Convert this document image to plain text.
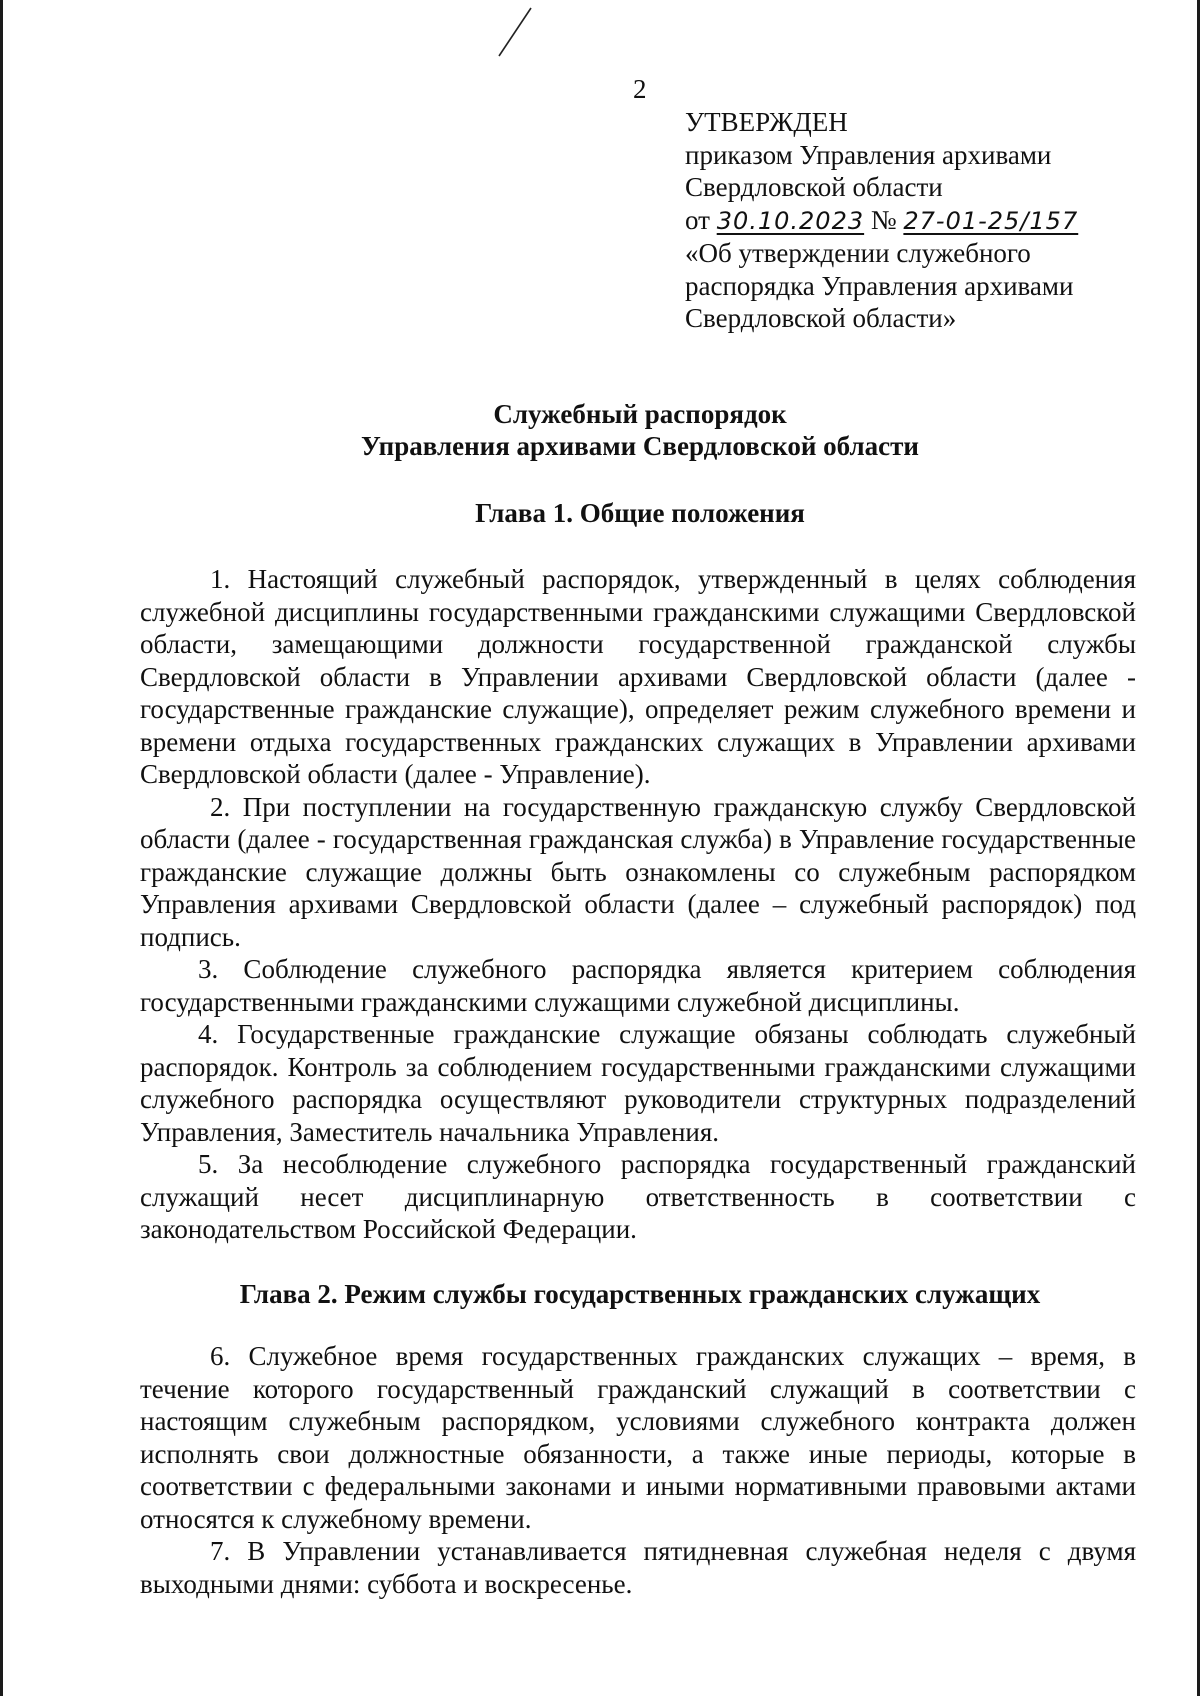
2
УТВЕРЖДЕН
приказом Управления архивами
Свердловской области
от 30.10.2023 № 27-01-25/157
«Об утверждении служебного
распорядка Управления архивами
Свердловской области»
Служебный распорядок
Управления архивами Свердловской области
Глава 1. Общие положения

1. Настоящий служебный распорядок, утвержденный в целях соблюдения служебной дисциплины государственными гражданскими служащими Свердловской области, замещающими должности государственной гражданской службы Свердловской области в Управлении архивами Свердловской области (далее - государственные гражданские служащие), определяет режим служебного времени и времени отдыха государственных гражданских служащих в Управлении архивами Свердловской области (далее - Управление).

2. При поступлении на государственную гражданскую службу Свердловской области (далее - государственная гражданская служба) в Управление государственные гражданские служащие должны быть ознакомлены со служебным распорядком Управления архивами Свердловской области (далее – служебный распорядок) под подпись.

3. Соблюдение служебного распорядка является критерием соблюдения государственными гражданскими служащими служебной дисциплины.

4. Государственные гражданские служащие обязаны соблюдать служебный распорядок. Контроль за соблюдением государственными гражданскими служащими служебного распорядка осуществляют руководители структурных подразделений Управления, Заместитель начальника Управления.

5. За несоблюдение служебного распорядка государственный гражданский служащий несет дисциплинарную ответственность в соответствии с законодательством Российской Федерации.

Глава 2. Режим службы государственных гражданских служащих

6. Служебное время государственных гражданских служащих – время, в течение которого государственный гражданский служащий в соответствии с настоящим служебным распорядком, условиями служебного контракта должен исполнять свои должностные обязанности, а также иные периоды, которые в соответствии с федеральными законами и иными нормативными правовыми актами относятся к служебному времени.

7. В Управлении устанавливается пятидневная служебная неделя с двумя выходными днями: суббота и воскресенье.
